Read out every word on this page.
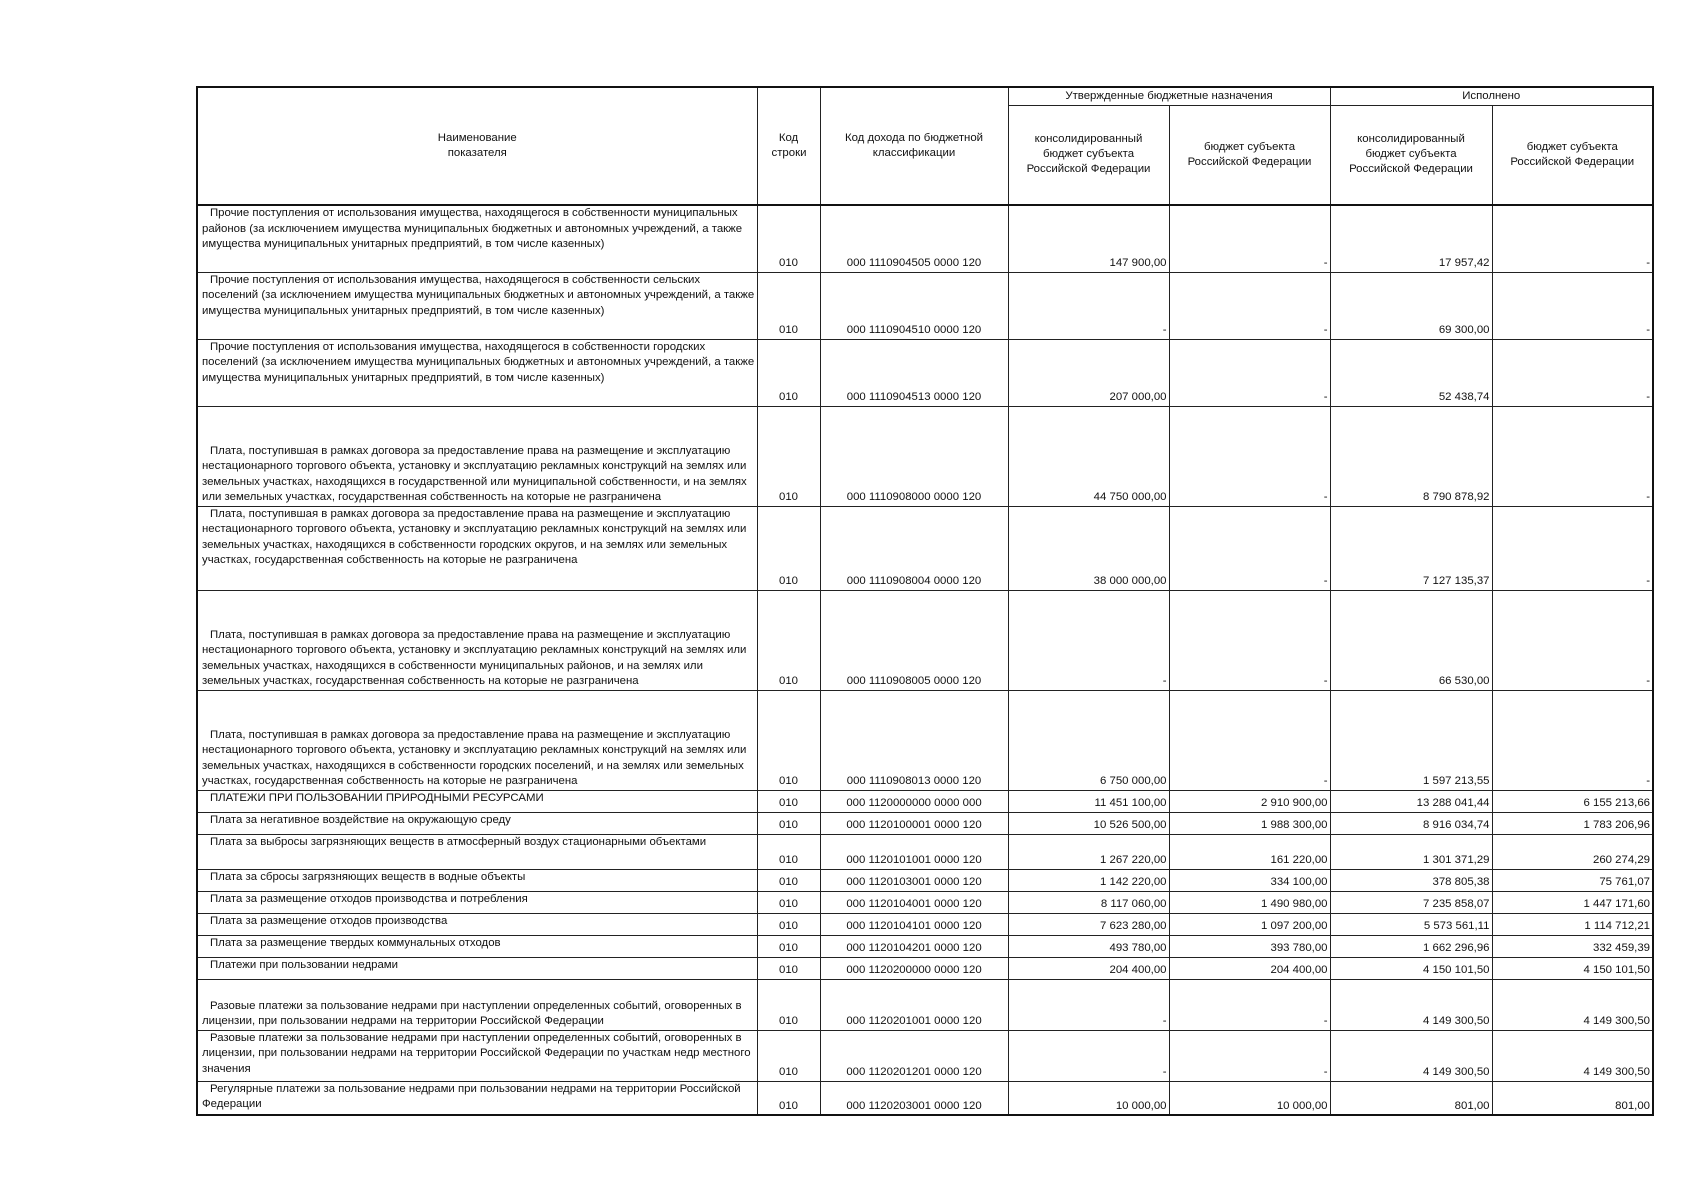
Наименование показателя	Код строки	Код дохода по бюджетной классификации	Утвержденные бюджетные назначения		Исполнено	
			консолидированный бюджет субъекта Российской Федерации	бюджет субъекта Российской Федерации	консолидированный бюджет субъекта Российской Федерации	бюджет субъекта Российской Федерации

Прочие поступления от использования имущества, находящегося в собственности муниципальных районов (за исключением имущества муниципальных бюджетных и автономных учреждений, а также имущества муниципальных унитарных предприятий, в том числе казенных)	010	000 1110904505 0000 120	147 900,00	-	17 957,42	-

Прочие поступления от использования имущества, находящегося в собственности сельских поселений (за исключением имущества муниципальных бюджетных и автономных учреждений, а также имущества муниципальных унитарных предприятий, в том числе казенных)	010	000 1110904510 0000 120	-	-	69 300,00	-

Прочие поступления от использования имущества, находящегося в собственности городских поселений (за исключением имущества муниципальных бюджетных и автономных учреждений, а также имущества муниципальных унитарных предприятий, в том числе казенных)	010	000 1110904513 0000 120	207 000,00	-	52 438,74	-

Плата, поступившая в рамках договора за предоставление права на размещение и эксплуатацию нестационарного торгового объекта, установку и эксплуатацию рекламных конструкций на землях или земельных участках, находящихся в государственной или муниципальной собственности, и на землях или земельных участках, государственная собственность на которые не разграничена	010	000 1110908000 0000 120	44 750 000,00	-	8 790 878,92	-

Плата, поступившая в рамках договора за предоставление права на размещение и эксплуатацию нестационарного торгового объекта, установку и эксплуатацию рекламных конструкций на землях или земельных участках, находящихся в собственности городских округов, и на землях или земельных участках, государственная собственность на которые не разграничена	010	000 1110908004 0000 120	38 000 000,00	-	7 127 135,37	-

Плата, поступившая в рамках договора за предоставление права на размещение и эксплуатацию нестационарного торгового объекта, установку и эксплуатацию рекламных конструкций на землях или земельных участках, находящихся в собственности муниципальных районов, и на землях или земельных участках, государственная собственность на которые не разграничена	010	000 1110908005 0000 120	-	-	66 530,00	-

Плата, поступившая в рамках договора за предоставление права на размещение и эксплуатацию нестационарного торгового объекта, установку и эксплуатацию рекламных конструкций на землях или земельных участках, находящихся в собственности городских поселений, и на землях или земельных участках, государственная собственность на которые не разграничена	010	000 1110908013 0000 120	6 750 000,00	-	1 597 213,55	-

ПЛАТЕЖИ ПРИ ПОЛЬЗОВАНИИ ПРИРОДНЫМИ РЕСУРСАМИ	010	000 1120000000 0000 000	11 451 100,00	2 910 900,00	13 288 041,44	6 155 213,66

Плата за негативное воздействие на окружающую среду	010	000 1120100001 0000 120	10 526 500,00	1 988 300,00	8 916 034,74	1 783 206,96

Плата за выбросы загрязняющих веществ в атмосферный воздух стационарными объектами	010	000 1120101001 0000 120	1 267 220,00	161 220,00	1 301 371,29	260 274,29

Плата за сбросы загрязняющих веществ в водные объекты	010	000 1120103001 0000 120	1 142 220,00	334 100,00	378 805,38	75 761,07

Плата за размещение отходов производства и потребления	010	000 1120104001 0000 120	8 117 060,00	1 490 980,00	7 235 858,07	1 447 171,60

Плата за размещение отходов производства	010	000 1120104101 0000 120	7 623 280,00	1 097 200,00	5 573 561,11	1 114 712,21

Плата за размещение твердых коммунальных отходов	010	000 1120104201 0000 120	493 780,00	393 780,00	1 662 296,96	332 459,39

Платежи при пользовании недрами	010	000 1120200000 0000 120	204 400,00	204 400,00	4 150 101,50	4 150 101,50

Разовые платежи за пользование недрами при наступлении определенных событий, оговоренных в лицензии, при пользовании недрами на территории Российской Федерации	010	000 1120201001 0000 120	-	-	4 149 300,50	4 149 300,50

Разовые платежи за пользование недрами при наступлении определенных событий, оговоренных в лицензии, при пользовании недрами на территории Российской Федерации по участкам недр местного значения	010	000 1120201201 0000 120	-	-	4 149 300,50	4 149 300,50

Регулярные платежи за пользование недрами при пользовании недрами на территории Российской Федерации	010	000 1120203001 0000 120	10 000,00	10 000,00	801,00	801,00
